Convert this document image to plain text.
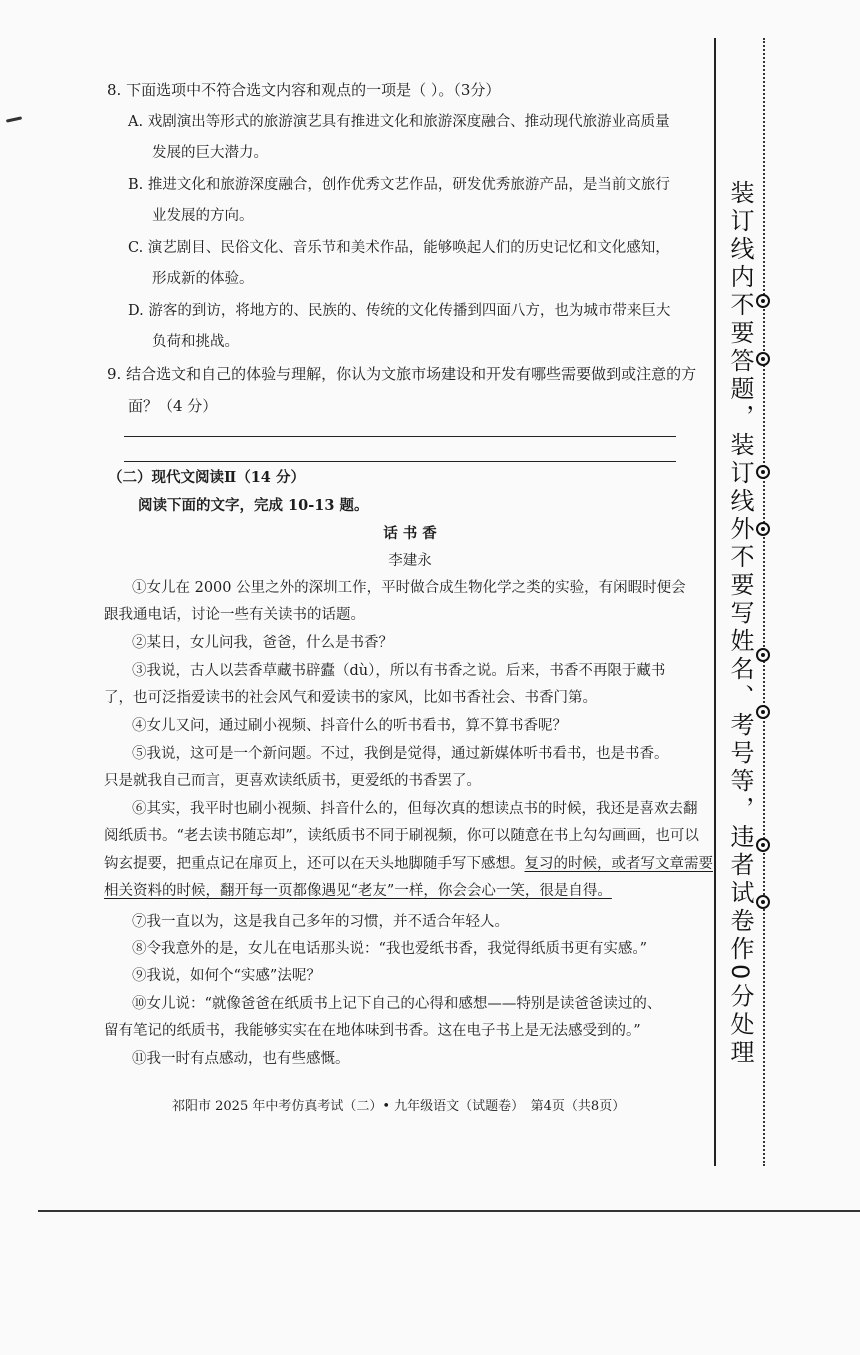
8. 下面选项中不符合选文内容和观点的一项是（ ）。（3分）
A. 戏剧演出等形式的旅游演艺具有推进文化和旅游深度融合、推动现代旅游业高质量
发展的巨大潜力。
B. 推进文化和旅游深度融合，创作优秀文艺作品，研发优秀旅游产品，是当前文旅行
业发展的方向。
C. 演艺剧目、民俗文化、音乐节和美术作品，能够唤起人们的历史记忆和文化感知，
形成新的体验。
D. 游客的到访，将地方的、民族的、传统的文化传播到四面八方，也为城市带来巨大
负荷和挑战。
9. 结合选文和自己的体验与理解，你认为文旅市场建设和开发有哪些需要做到或注意的方
面？（4 分）
（二）现代文阅读Ⅱ（14 分）
阅读下面的文字，完成 10-13 题。
话 书 香
李建永
①女儿在 2000 公里之外的深圳工作，平时做合成生物化学之类的实验，有闲暇时便会
跟我通电话，讨论一些有关读书的话题。
②某日，女儿问我，爸爸，什么是书香？
③我说，古人以芸香草藏书辟蠹（dù），所以有书香之说。后来，书香不再限于藏书
了，也可泛指爱读书的社会风气和爱读书的家风，比如书香社会、书香门第。
④女儿又问，通过刷小视频、抖音什么的听书看书，算不算书香呢？
⑤我说，这可是一个新问题。不过，我倒是觉得，通过新媒体听书看书，也是书香。
只是就我自己而言，更喜欢读纸质书，更爱纸的书香罢了。
⑥其实，我平时也刷小视频、抖音什么的，但每次真的想读点书的时候，我还是喜欢去翻
阅纸质书。“老去读书随忘却”，读纸质书不同于刷视频，你可以随意在书上勾勾画画，也可以
钩玄提要，把重点记在扉页上，还可以在天头地脚随手写下感想。复习的时候，或者写文章需要
相关资料的时候，翻开每一页都像遇见“老友”一样，你会会心一笑，很是自得。
⑦我一直以为，这是我自己多年的习惯，并不适合年轻人。
⑧令我意外的是，女儿在电话那头说：“我也爱纸书香，我觉得纸质书更有实感。”
⑨我说，如何个“实感”法呢？
⑩女儿说：“就像爸爸在纸质书上记下自己的心得和感想——特别是读爸爸读过的、
留有笔记的纸质书，我能够实实在在地体味到书香。这在电子书上是无法感受到的。”
⑪我一时有点感动，也有些感慨。
祁阳市 2025 年中考仿真考试（二）• 九年级语文（试题卷）　第4页（共8页）
装订线内不要答题，装订线外不要写姓名、考号等，违者试卷作0分处理
